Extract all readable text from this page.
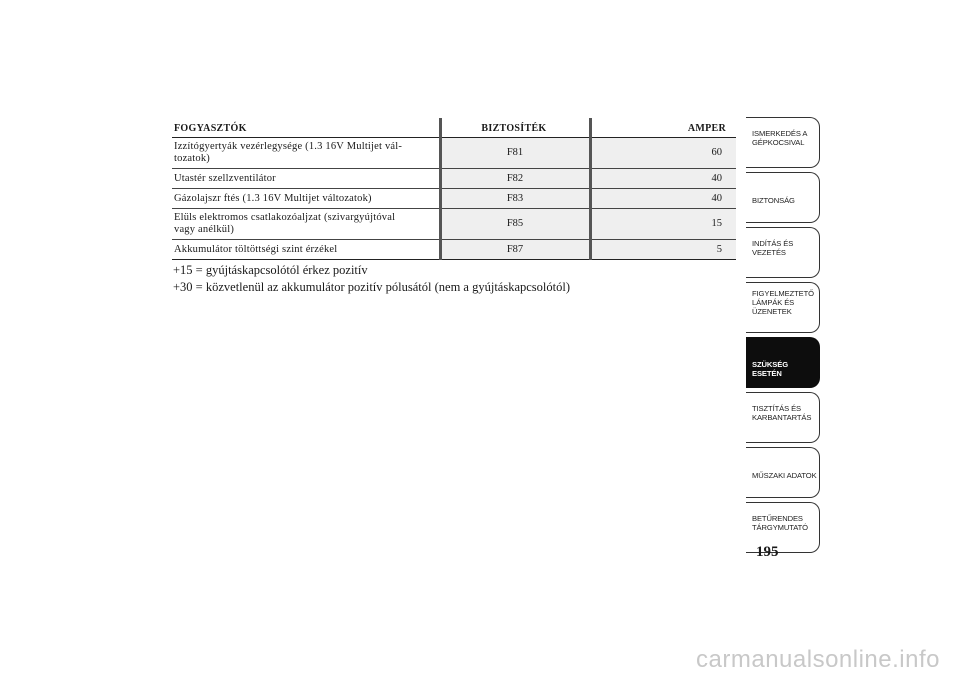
FOGYASZTÓK	BIZTOSÍTÉK	AMPER
Izzítógyertyák vezérlegysége (1.3 16V Multijet vál-
tozatok)	F81	60
Utastér szellzventilátor	F82	40
Gázolajszr ftés (1.3 16V Multijet változatok)	F83	40
Elüls elektromos csatlakozóaljzat (szivargyújtóval
vagy anélkül)	F85	15
Akkumulátor töltöttségi szint érzékel	F87	5
+15 = gyújtáskapcsolótól érkez pozitív
+30 = közvetlenül az akkumulátor pozitív pólusától (nem a gyújtáskapcsolótól)
ISMERKEDÉS A
GÉPKOCSIVAL
BIZTONSÁG
INDÍTÁS ÉS
VEZETÉS
FIGYELMEZTETŐ
LÁMPÁK ÉS
ÜZENETEK
SZÜKSÉG ESETÉN
TISZTÍTÁS ÉS
KARBANTARTÁS
MŰSZAKI ADATOK
BETŰRENDES
TÁRGYMUTATÓ
195
carmanualsonline.info
